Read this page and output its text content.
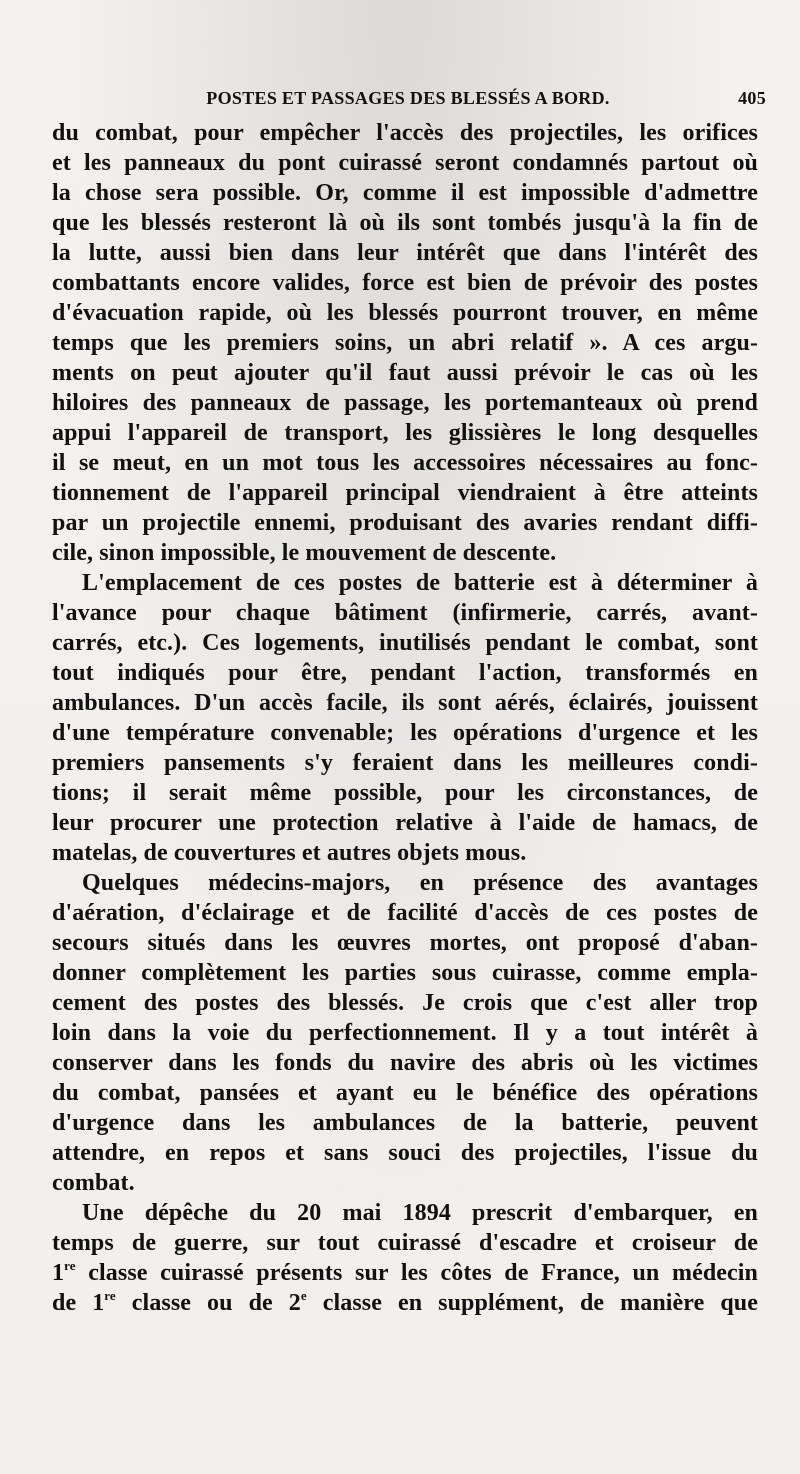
POSTES ET PASSAGES DES BLESSÉS A BORD.	405
du combat, pour empêcher l'accès des projectiles, les orifices
et les panneaux du pont cuirassé seront condamnés partout où
la chose sera possible. Or, comme il est impossible d'admettre
que les blessés resteront là où ils sont tombés jusqu'à la fin de
la lutte, aussi bien dans leur intérêt que dans l'intérêt des
combattants encore valides, force est bien de prévoir des postes
d'évacuation rapide, où les blessés pourront trouver, en même
temps que les premiers soins, un abri relatif ». A ces argu-
ments on peut ajouter qu'il faut aussi prévoir le cas où les
hiloires des panneaux de passage, les portemanteaux où prend
appui l'appareil de transport, les glissières le long desquelles
il se meut, en un mot tous les accessoires nécessaires au fonc-
tionnement de l'appareil principal viendraient à être atteints
par un projectile ennemi, produisant des avaries rendant diffi-
cile, sinon impossible, le mouvement de descente.
L'emplacement de ces postes de batterie est à déterminer à
l'avance pour chaque bâtiment (infirmerie, carrés, avant-
carrés, etc.). Ces logements, inutilisés pendant le combat, sont
tout indiqués pour être, pendant l'action, transformés en
ambulances. D'un accès facile, ils sont aérés, éclairés, jouissent
d'une température convenable; les opérations d'urgence et les
premiers pansements s'y feraient dans les meilleures condi-
tions; il serait même possible, pour les circonstances, de
leur procurer une protection relative à l'aide de hamacs, de
matelas, de couvertures et autres objets mous.
Quelques médecins-majors, en présence des avantages
d'aération, d'éclairage et de facilité d'accès de ces postes de
secours situés dans les œuvres mortes, ont proposé d'aban-
donner complètement les parties sous cuirasse, comme empla-
cement des postes des blessés. Je crois que c'est aller trop
loin dans la voie du perfectionnement. Il y a tout intérêt à
conserver dans les fonds du navire des abris où les victimes
du combat, pansées et ayant eu le bénéfice des opérations
d'urgence dans les ambulances de la batterie, peuvent
attendre, en repos et sans souci des projectiles, l'issue du
combat.
Une dépêche du 20 mai 1894 prescrit d'embarquer, en
temps de guerre, sur tout cuirassé d'escadre et croiseur de
1re classe cuirassé présents sur les côtes de France, un médecin
de 1re classe ou de 2e classe en supplément, de manière que
